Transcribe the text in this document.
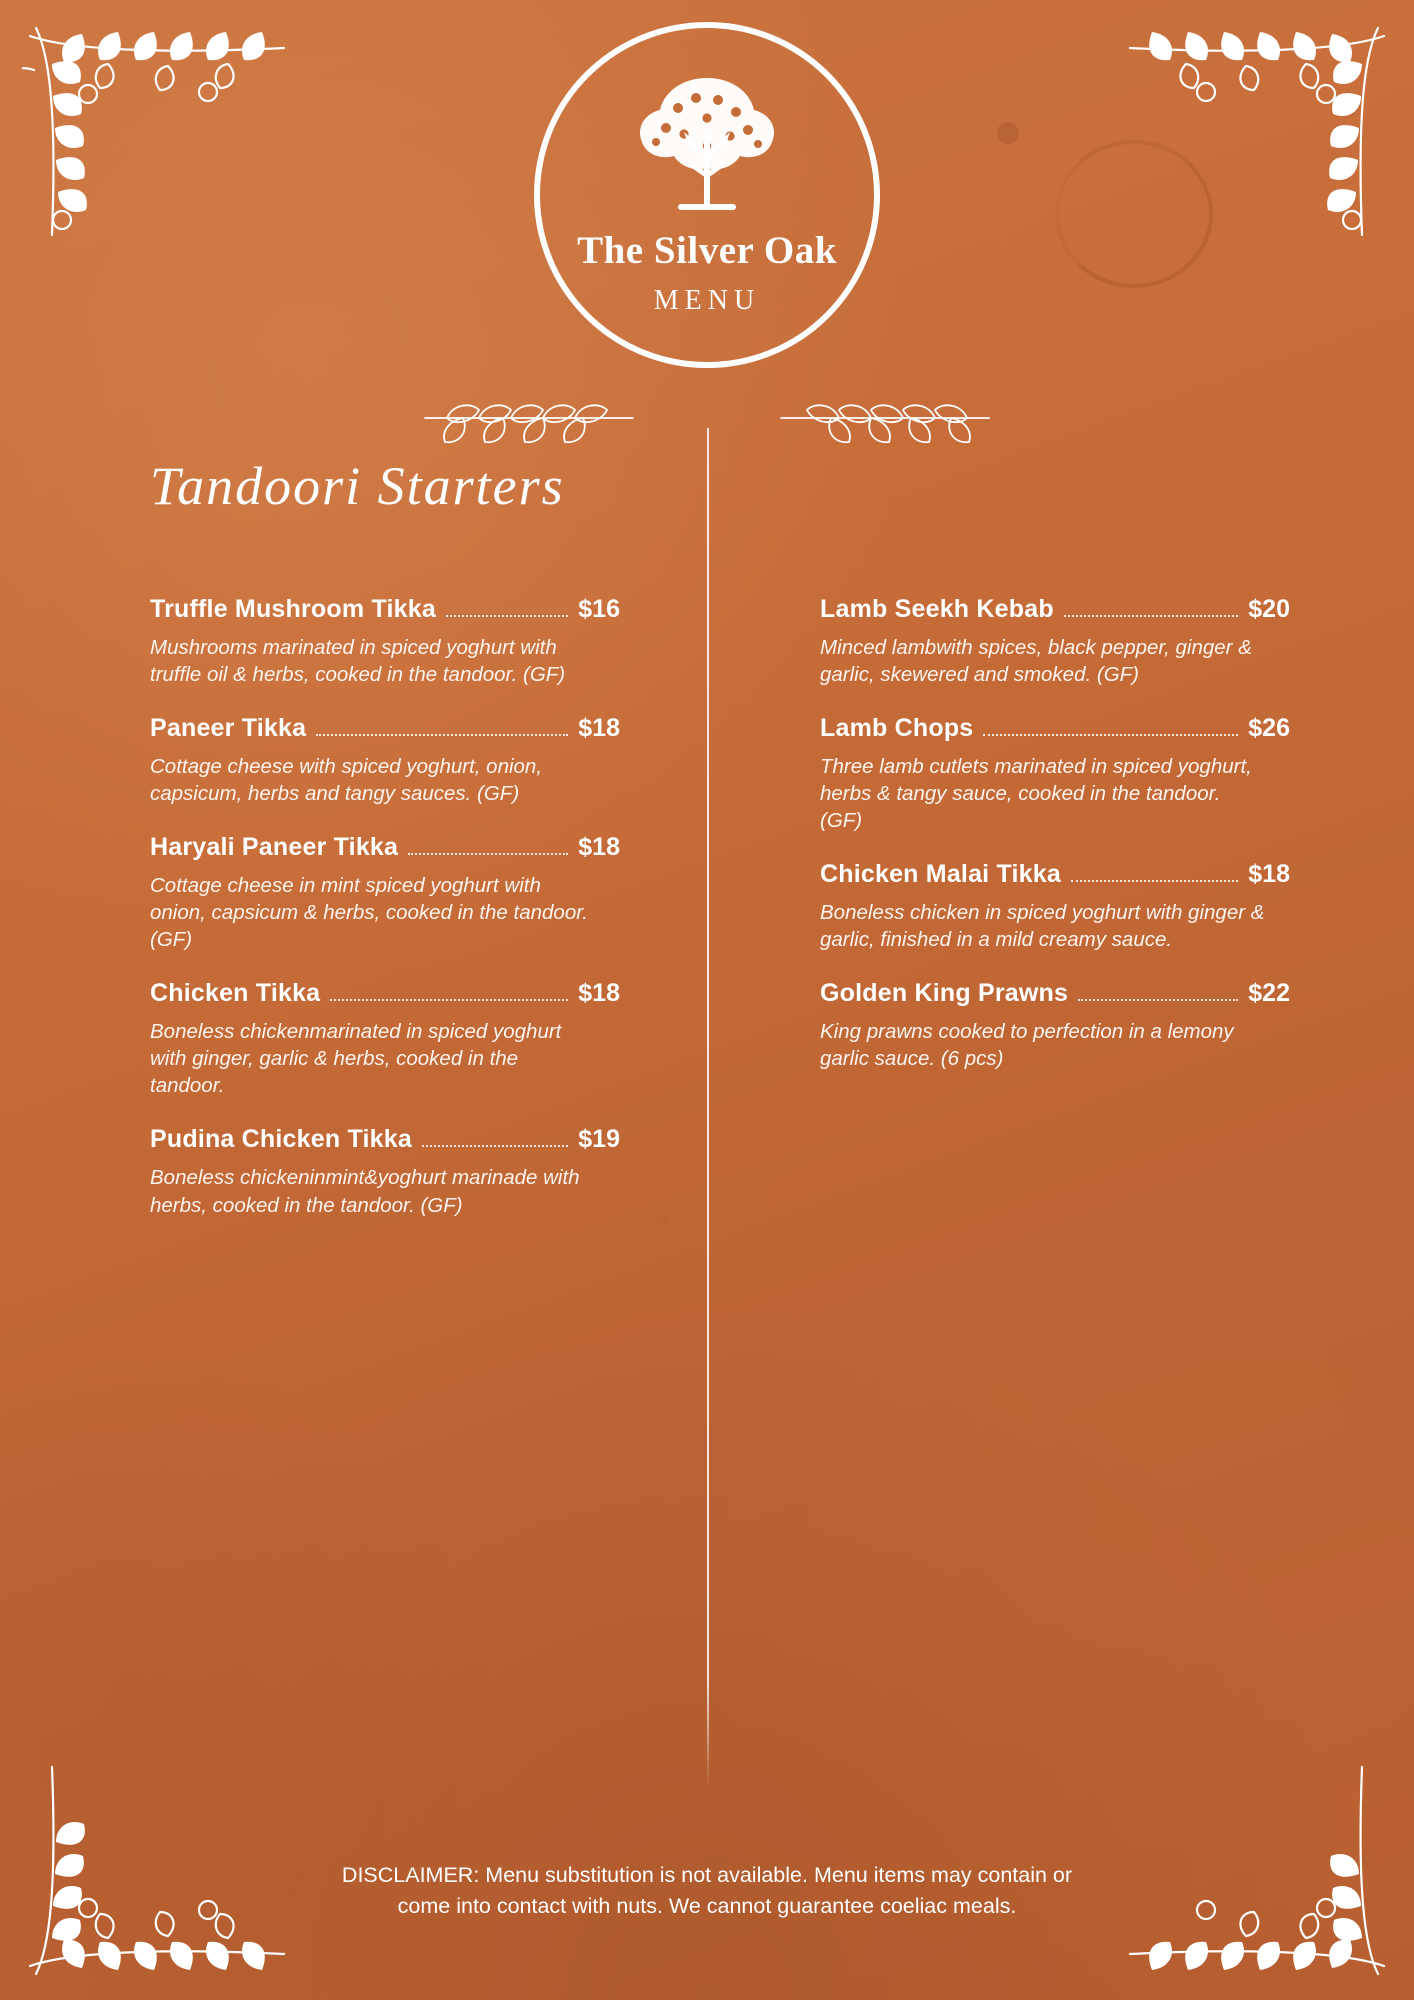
The Silver Oak
MENU
Tandoori Starters
Truffle Mushroom Tikka	$16
Mushrooms marinated in spiced yoghurt with truffle oil & herbs, cooked in the tandoor. (GF)
Paneer Tikka	$18
Cottage cheese with spiced yoghurt, onion, capsicum, herbs and tangy sauces. (GF)
Haryali Paneer Tikka	$18
Cottage cheese in mint spiced yoghurt with onion, capsicum & herbs, cooked in the tandoor. (GF)
Chicken Tikka	$18
Boneless chickenmarinated in spiced yoghurt with ginger, garlic & herbs, cooked in the tandoor.
Pudina Chicken Tikka	$19
Boneless chickeninmint&yoghurt marinade with herbs, cooked in the tandoor. (GF)
Lamb Seekh Kebab	$20
Minced lambwith spices, black pepper, ginger & garlic, skewered and smoked. (GF)
Lamb Chops	$26
Three lamb cutlets marinated in spiced yoghurt, herbs & tangy sauce, cooked in the tandoor. (GF)
Chicken Malai Tikka	$18
Boneless chicken in spiced yoghurt with ginger & garlic, finished in a mild creamy sauce.
Golden King Prawns	$22
King prawns cooked to perfection in a lemony garlic sauce. (6 pcs)
DISCLAIMER: Menu substitution is not available. Menu items may contain or come into contact with nuts. We cannot guarantee coeliac meals.
